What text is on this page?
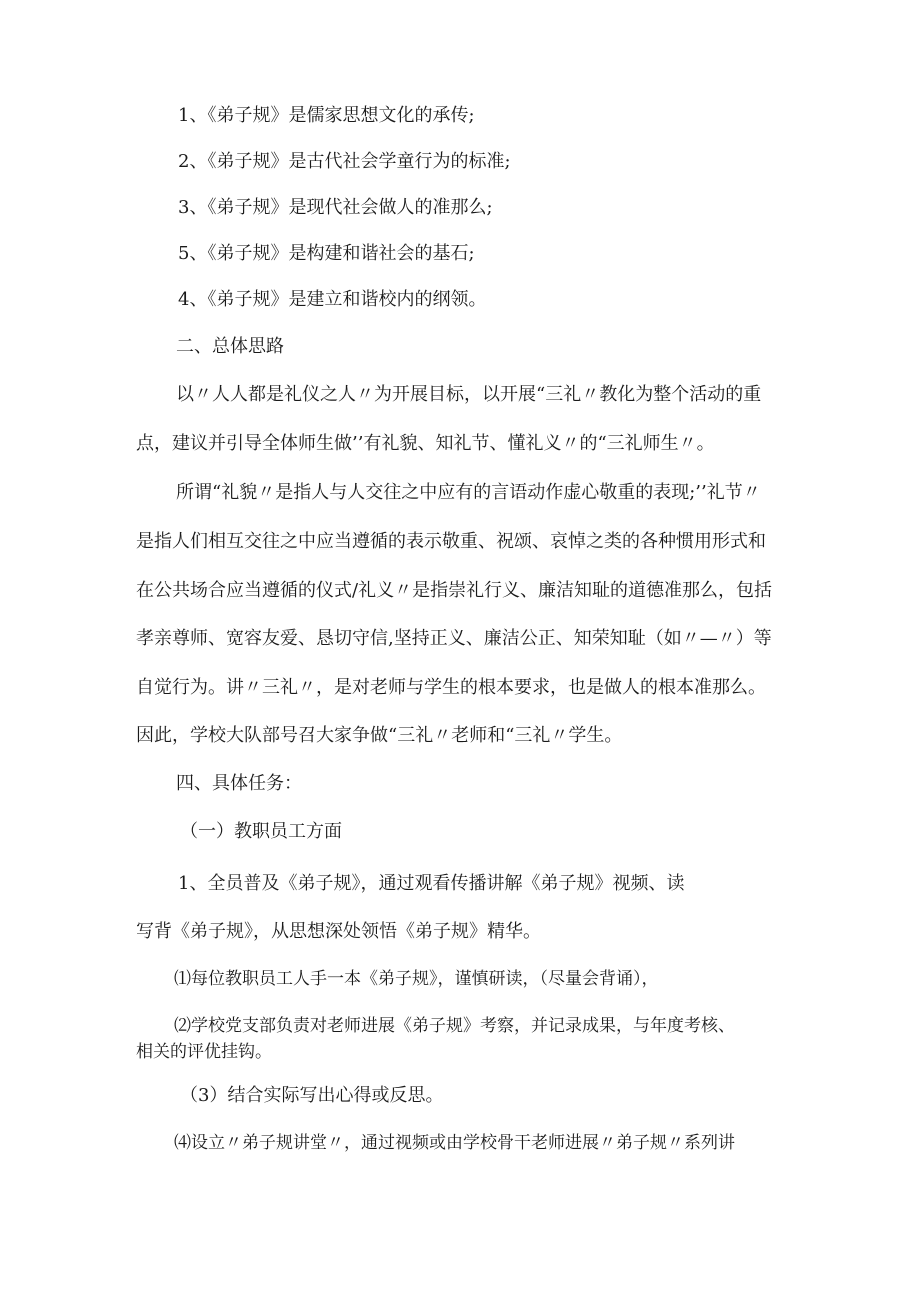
1、《弟子规》是儒家思想文化的承传;
2、《弟子规》是古代社会学童行为的标准;
3、《弟子规》是现代社会做人的准那么;
5、《弟子规》是构建和谐社会的基石;
4、《弟子规》是建立和谐校内的纲领。
二、总体思路
以〃人人都是礼仪之人〃为开展目标，以开展“三礼〃教化为整个活动的重
点，建议并引导全体师生做’’有礼貌、知礼节、懂礼义〃的“三礼师生〃。
所谓“礼貌〃是指人与人交往之中应有的言语动作虚心敬重的表现;’’礼节〃
是指人们相互交往之中应当遵循的表示敬重、祝颂、哀悼之类的各种惯用形式和
在公共场合应当遵循的仪式/礼义〃是指崇礼行义、廉洁知耻的道德准那么，包括
孝亲尊师、宽容友爱、恳切守信,坚持正义、廉洁公正、知荣知耻（如〃—〃）等
自觉行为。讲〃三礼〃，是对老师与学生的根本要求，也是做人的根本准那么。
因此，学校大队部号召大家争做“三礼〃老师和“三礼〃学生。
四、具体任务：
（一）教职员工方面
1、全员普及《弟子规》，通过观看传播讲解《弟子规》视频、读
写背《弟子规》，从思想深处领悟《弟子规》精华。
⑴每位教职员工人手一本《弟子规》，谨慎研读，（尽量会背诵），
⑵学校党支部负责对老师进展《弟子规》考察，并记录成果，与年度考核、
相关的评优挂钩。
（3）结合实际写出心得或反思。
⑷设立〃弟子规讲堂〃，通过视频或由学校骨干老师进展〃弟子规〃系列讲
